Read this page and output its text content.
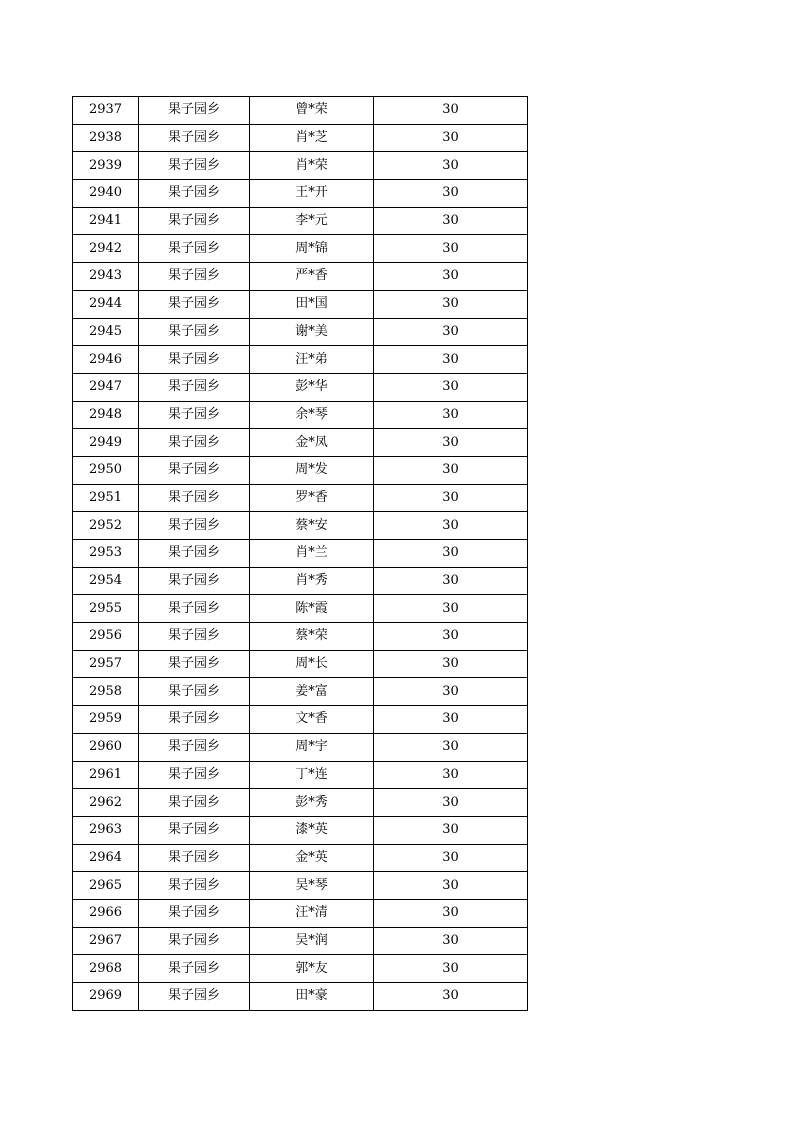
2937	果子园乡	曾*荣	30
2938	果子园乡	肖*芝	30
2939	果子园乡	肖*荣	30
2940	果子园乡	王*开	30
2941	果子园乡	李*元	30
2942	果子园乡	周*锦	30
2943	果子园乡	严*香	30
2944	果子园乡	田*国	30
2945	果子园乡	谢*美	30
2946	果子园乡	汪*弟	30
2947	果子园乡	彭*华	30
2948	果子园乡	余*琴	30
2949	果子园乡	金*凤	30
2950	果子园乡	周*发	30
2951	果子园乡	罗*香	30
2952	果子园乡	蔡*安	30
2953	果子园乡	肖*兰	30
2954	果子园乡	肖*秀	30
2955	果子园乡	陈*霞	30
2956	果子园乡	蔡*荣	30
2957	果子园乡	周*长	30
2958	果子园乡	姜*富	30
2959	果子园乡	文*香	30
2960	果子园乡	周*宇	30
2961	果子园乡	丁*连	30
2962	果子园乡	彭*秀	30
2963	果子园乡	漆*英	30
2964	果子园乡	金*英	30
2965	果子园乡	吴*琴	30
2966	果子园乡	汪*清	30
2967	果子园乡	吴*润	30
2968	果子园乡	郭*友	30
2969	果子园乡	田*豪	30
